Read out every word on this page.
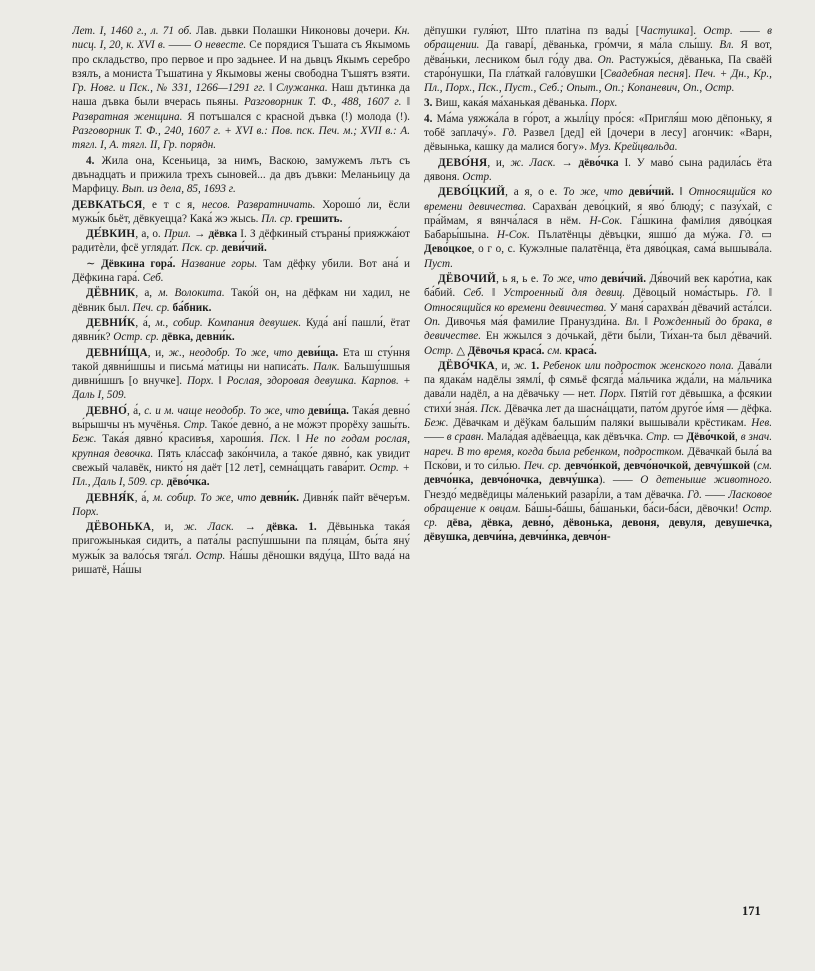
Лет. I, 1460 г., л. 71 об. Лав. дьвки Полашки Никоновы дочери. Кн. писц. I, 20, к. XVI в. —— О невесте. Се порядися Тъшата съ Якымомь про складьство, про первое и про задьнее. И на дьвцъ Якымъ серебро взялъ, а мониста Тъшатина у Якымовы жены свободна Тъшятъ взяти. Гр. Новг. и Пск., № 331, 1266—1291 гг. ‖ Служанка. Наш дътинка да наша дъвка были вчерась пьяны. Разговорник Т. Ф., 488, 1607 г. ‖ Развратная женщина. Я потъшался с красной дъвка (!) молода (!). Разговорник Т. Ф., 240, 1607 г. + XVI в.: Пов. пск. Печ. м.; XVII в.: А. тягл. I, А. тягл. II, Гр. порядн.

4. Жила она, Ксеньица, за нимъ, Васкою, замужемъ лътъ съ двънадцать и прижила трехъ сыновей... да двъ дъвки: Меланьицу да Марфицу. Вып. из дела, 85, 1693 г.

ДЕВКАТЬСЯ, е т с я, несов. Развратничать. Хорошо́ ли, ёсли мужы́к бьёт, дёвкуецца? Кака́ жэ жысь. Пл. ср. грешить.

ДЕ́ВКИН, а, о. Прил. → дёвка I. З дёфкиный стъраны́ прияжжа́ют радитѐли, фсё угляда́т. Пск. ср. деви́чий.

∼ Дёвкина гора́. Название горы. Там дёфку убили. Вот ана́ и Дёфкина гара́. Себ.

ДЁВНИК, а, м. Волокита. Тако́й он, на дёфкам ни хадил, не дёвник был. Печ. ср. ба́бник.

ДЕВНИ́К, а́, м., собир. Компания девушек. Куда́ ані́ пашли́, ётат дявни́к? Остр. ср. дёвка, девни́к.

ДЕВНИ́ЩА, и, ж., неодобр. То же, что деви́ща. Ета ш сту́ння такой дявни́шшы и письма́ ма́тицы ни написа́ть. Палк. Бальшу́шшыя дивни́шшъ [о внучке]. Порх. ‖ Рослая, здоровая девушка. Карпов. + Даль I, 509.

ДЕВНО́, а́, с. и м. чаще неодобр. То же, что деви́ща. Така́я девно́ вы́рышчы нъ мучёнья. Стр. Тако́е девно́, а не мо́жэт прорёху зашы́ть. Беж. Така́я дявно́ красивъя, хароши́я. Пск. ‖ Не по годам рослая, крупная девочка. Пять кла́ссаф зако́нчила, а тако́е дявно́, как увидит свежый чалавёк, никто́ ня даёт [12 лет], семна́ццать гава́рит. Остр. + Пл., Даль I, 509. ср. дёво́чка.

ДЕВНЯ́К, а́, м. собир. То же, что девни́к. Дивня́к пайт вёчеръм. Порх.

ДЁВОНЬКА, и, ж. Ласк. → дёвка. 1. Дёвынька така́я пригожынькая сидить, а пата́лы распу́шшыни па пляца́м, бы́та яну́ мужы́к за вало́сья тяга́л. Остр. На́шы дёношки вяду́ца, Што вада́ на ришатё, На́шы

дёпушки гуля́ют, Што платіна пз вады́ [Частушка]. Остр. —— в обращении. Да гаварі́, дёванька, гро́мчи, я ма́ла слы́шу. Вл. Я вот, дёва́ньки, лесником был го́ду два. Оп. Растужы́ся, дёванька, Па сваёй старо́нушки, Па гла́ткай гало́вушки [Свадебная песня]. Печ. + Дн., Кр., Пл., Порх., Пск., Пуст., Себ.; Опыт., Оп.; Копаневич, Оп., Остр.

3. Виш, кака́я ма́ханькая дёванька. Порх.

4. Ма́ма уяжжа́ла в го́рот, а жылі́цу про́ся: «Пригля́ш мою дёпоньку, я тобё заплачу́». Гд. Развел [дед] ей [дочери в лесу] агончик: «Варн, дёвынька, кашку да малися богу». Муз. Крейцвальда.

ДЕВО́НЯ, и, ж. Ласк. → дёво́чка I. У маво́ сына радила́сь ёта дявоня. Остр.

ДЕВО́ЦКИЙ, а я, о е. То же, что деви́чий. ‖ Относящийся ко времени девичества. Сарахва́н дево́цкий, я яво́ блюду́; с пазу́хай, с пра́ймам, я вянча́лася в нём. Н-Сок. Га́шкина фамілия дяво́цкая Бабары́шына. Н-Сок. Пълатёнцы дёвъцки, яшшо́ да му́жа. Гд. ▭ Дево́цкое, о г о, с. Кужэлные палатёнца, ёта дяво́цкая, сама́ вышыва́ла. Пуст.

ДЁВОЧИЙ, ь я, ь е. То же, что деви́чий. Дя́вочий век каро́тиа, как ба́бий. Себ. ‖ Устроенный для девиц. Дёвоцый нома́стырь. Гд. ‖ Относящийся ко времени девичества. У маня́ сарахва́н дёвачий аста́лси. Оп. Дивочья ма́я фамилие Пранузди́на. Вл. ‖ Рожденный до брака, в девичестве. Ен жжылся з до́чькай, дёти бы́ли, Ти́хан-та был дёвачий. Остр. △ Дёвочья краса́. см. краса́.

ДЁВО́ЧКА, и, ж. 1. Ребенок или подросток женского пола. Дава́ли па ядака́м надёлы зямлі́, ф сямьё фсягда́ ма́льчика жда́ли, на ма́льчика дава́ли надёл, а на дёвачьку — нет. Порх. Пятій гот дёвышка, а фсякии стихи́ зна́я. Пск. Дёвачка лет да шасна́ццати, пато́м друго́е и́мя — дёфка. Беж. Дёвачкам и дёўкам бальши́м паляки́ вышыва́ли крёстикам. Нев. —— в сравн. Мала́дая адёва́ецца, как дёвъчка. Стр. ▭ Дёво́чкой, в знач. нареч. В то время, когда была ребенком, подростком. Дёвачкай была́ ва Пско́ви, и то си́лью. Печ. ср. девчо́нкой, девчо́ночкой, девчу́шкой (см. девчо́нка, девчо́ночка, девчу́шка). —— О детеныше животного. Гнездо́ медвёдицы ма́ленький разарі́ли, а там дёвачка. Гд. —— Ласковое обращение к овцам. Ба́шы-ба́шы, ба́шаньки, ба́си-ба́си, дёвочки! Остр. ср. дёва, дёвка, девно́, дёвонька, девоня, девуля, девушечка, дёвушка, девчи́на, девчи́нка, девчо́н-

171
